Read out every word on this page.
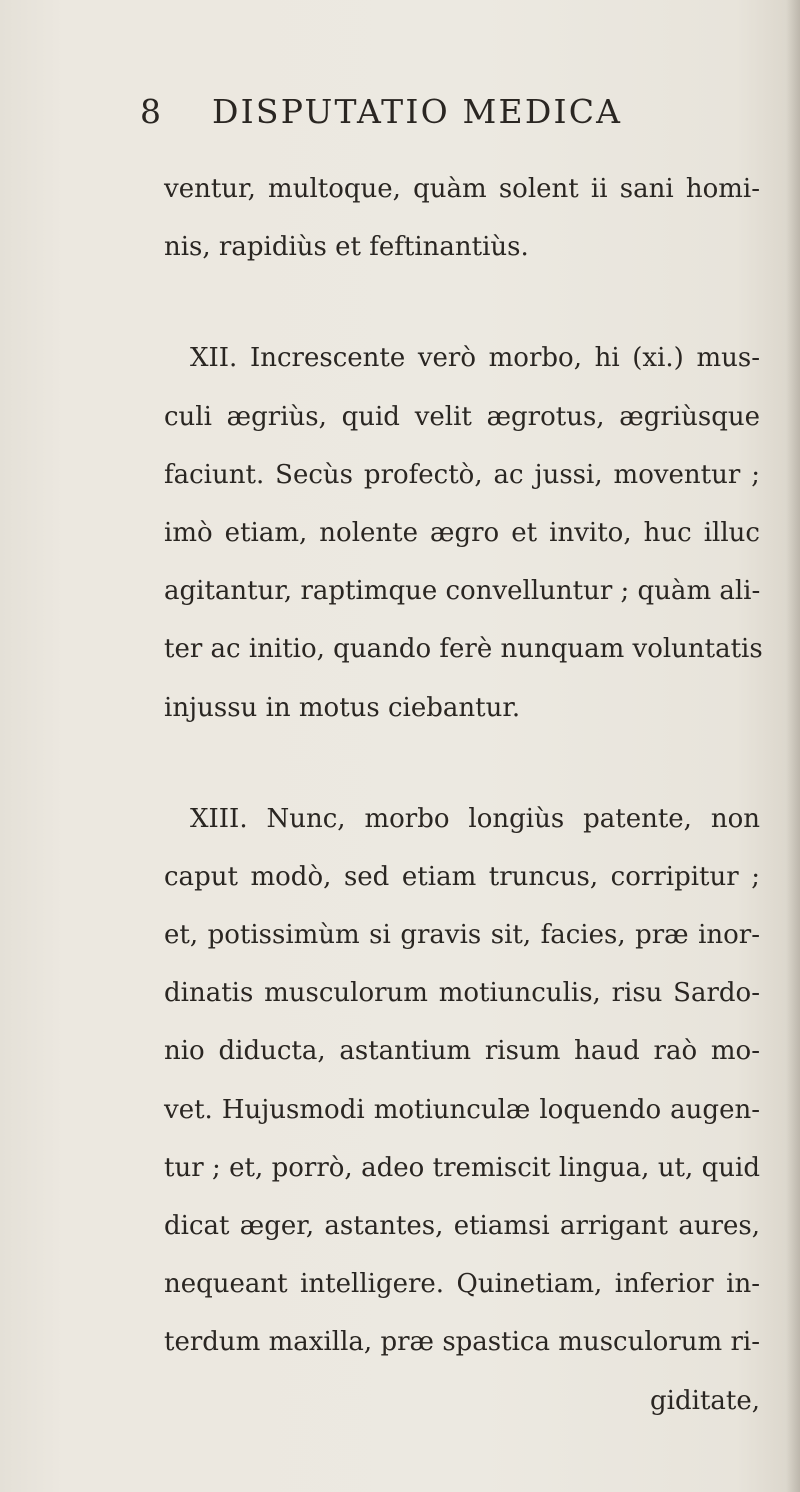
8 DISPUTATIO MEDICA
ventur, multoque, quàm solent ii sani homi-
nis, rapidiùs et feftinantiùs.
XII. Increscente verò morbo, hi (xi.) mus-
culi ægriùs, quid velit ægrotus, ægriùsque
faciunt. Secùs profectò, ac jussi, moventur ;
imò etiam, nolente ægro et invito, huc illuc
agitantur, raptimque convelluntur ; quàm ali-
ter ac initio, quando ferè nunquam voluntatis
injussu in motus ciebantur.
XIII. Nunc, morbo longiùs patente, non
caput modò, sed etiam truncus, corripitur ;
et, potissimùm si gravis sit, facies, præ inor-
dinatis musculorum motiunculis, risu Sardo-
nio diducta, astantium risum haud raò mo-
vet. Hujusmodi motiunculæ loquendo augen-
tur ; et, porrò, adeo tremiscit lingua, ut, quid
dicat æger, astantes, etiamsi arrigant aures,
nequeant intelligere. Quinetiam, inferior in-
terdum maxilla, præ spastica musculorum ri-
giditate,
